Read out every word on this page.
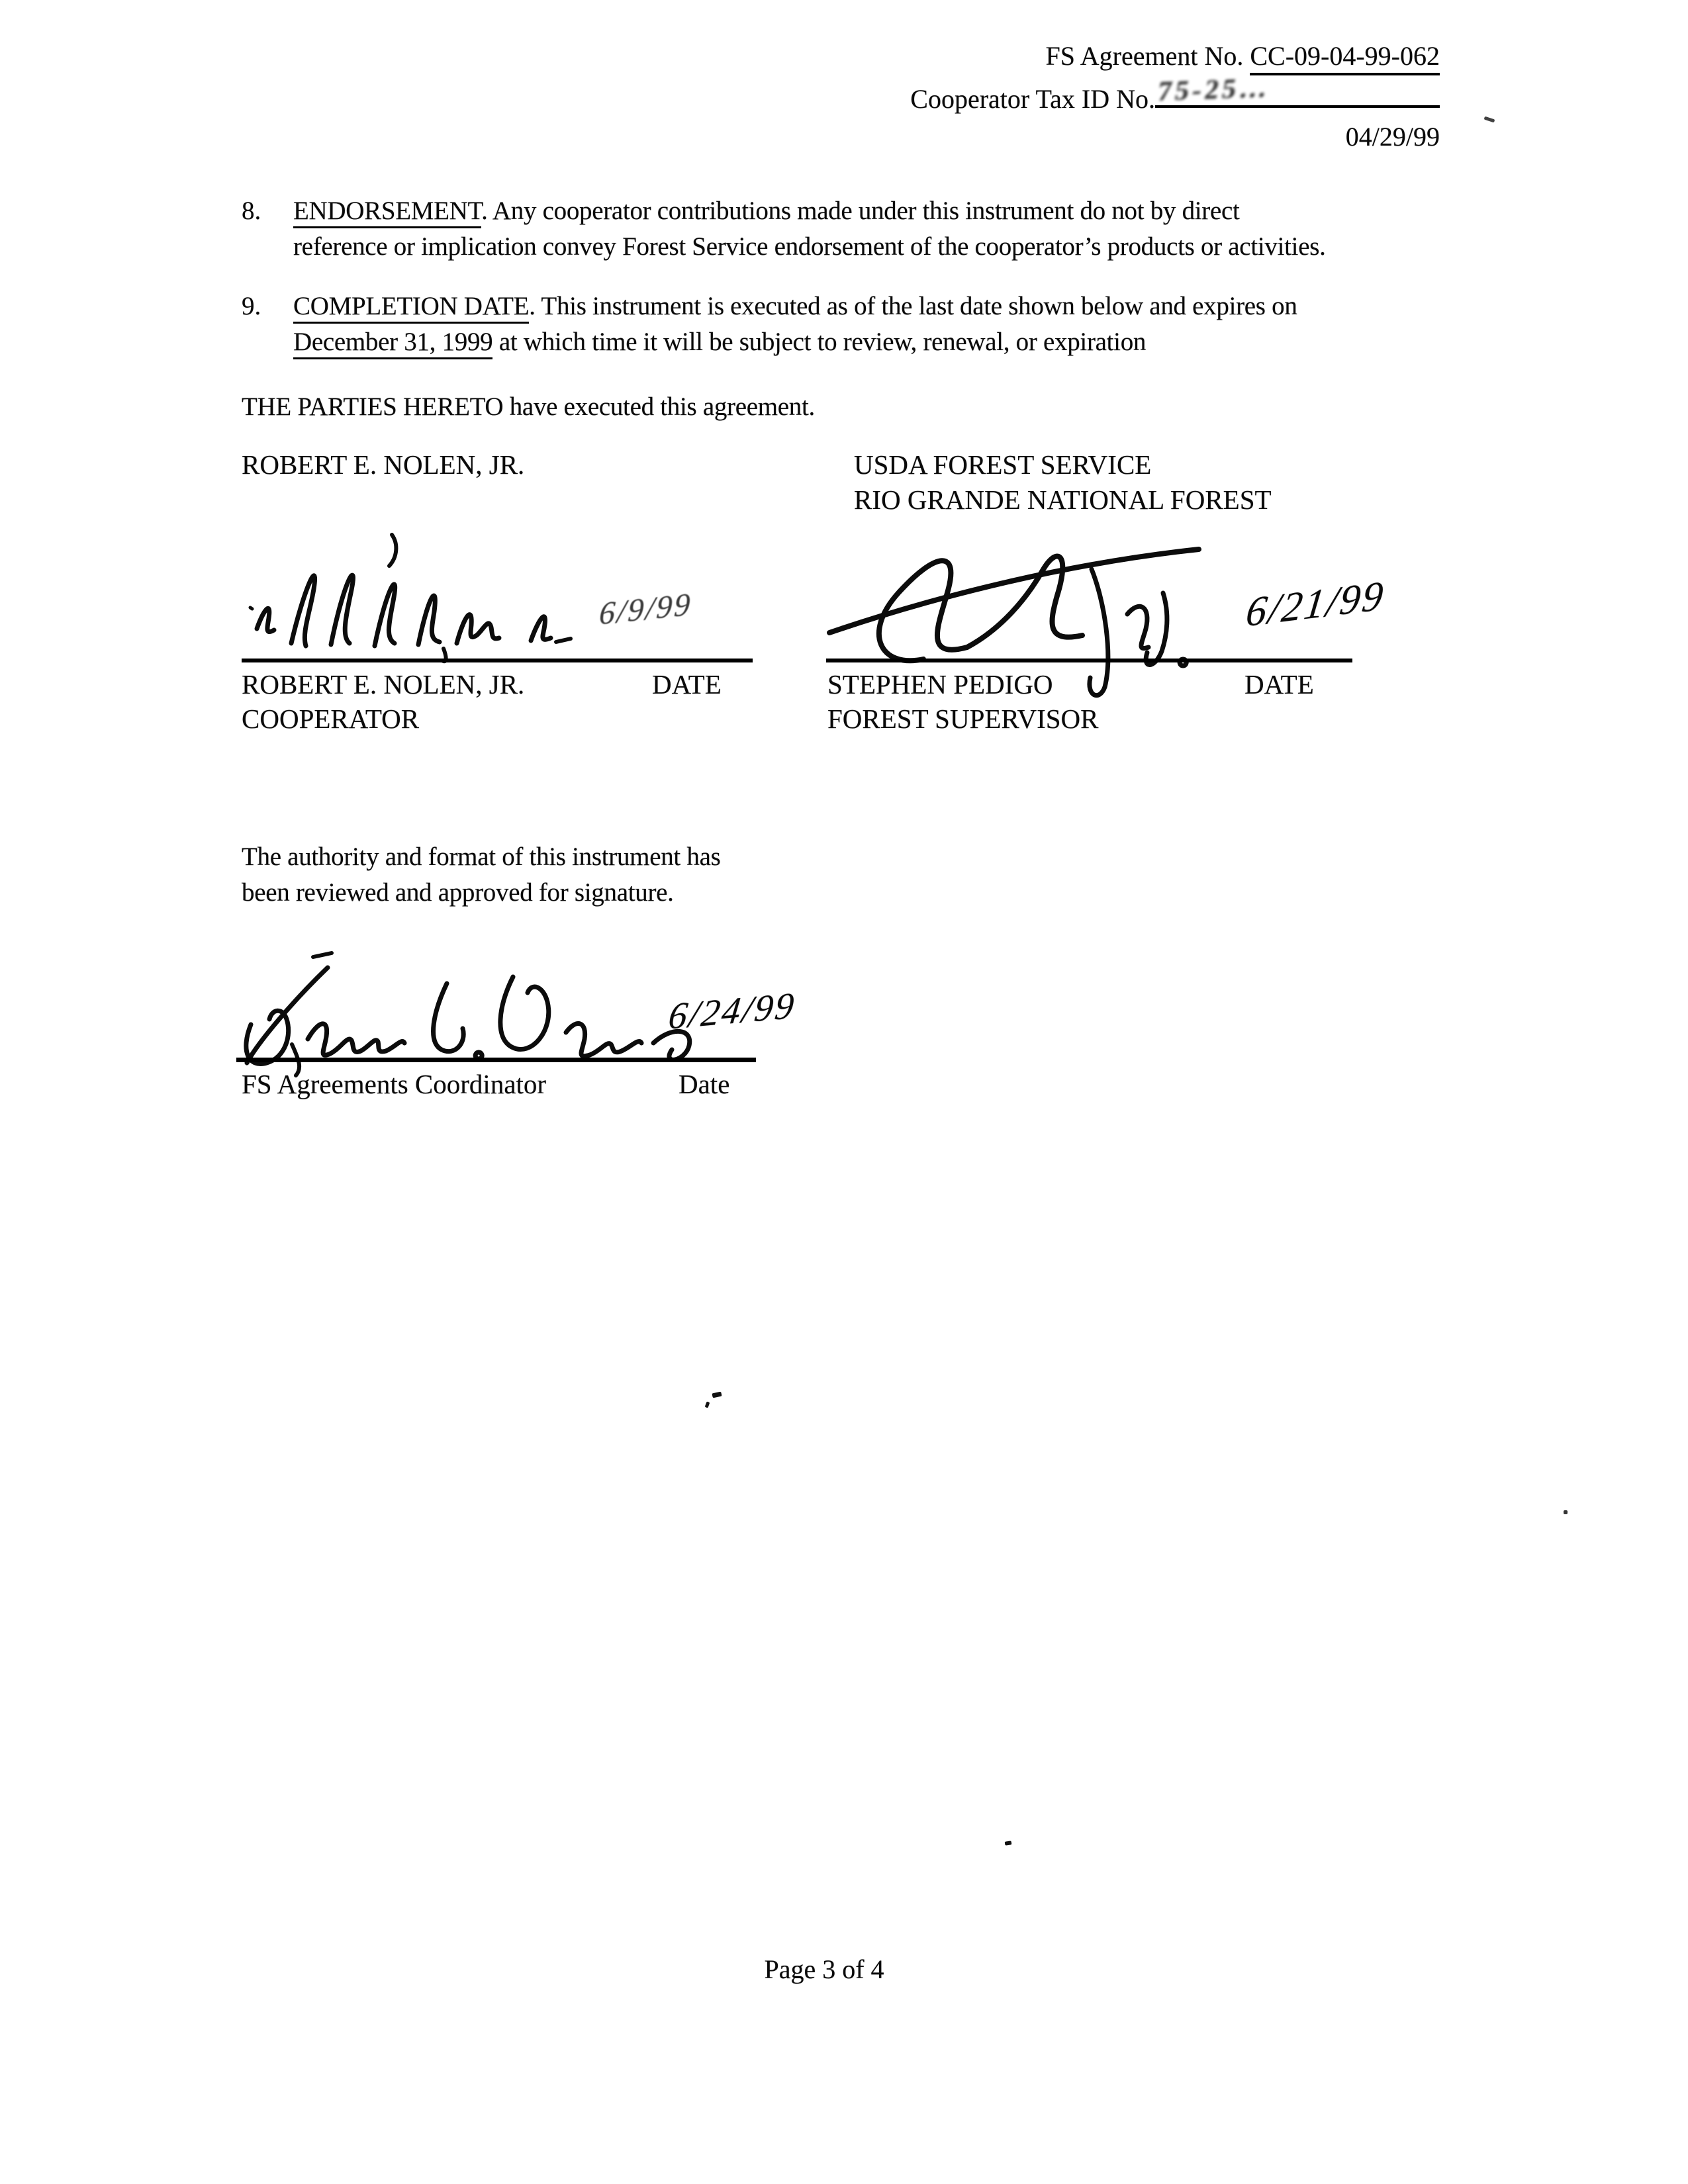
FS Agreement No. CC-09-04-99-062
Cooperator Tax ID No. 75-25…
04/29/99
8. ENDORSEMENT. Any cooperator contributions made under this instrument do not by direct
reference or implication convey Forest Service endorsement of the cooperator’s products or activities.
9. COMPLETION DATE. This instrument is executed as of the last date shown below and expires on
December 31, 1999 at which time it will be subject to review, renewal, or expiration
THE PARTIES HERETO have executed this agreement.
ROBERT E. NOLEN, JR.	USDA FOREST SERVICE
RIO GRANDE NATIONAL FOREST
6/9/99
ROBERT E. NOLEN, JR.	DATE
COOPERATOR
6/21/99
STEPHEN PEDIGO	DATE
FOREST SUPERVISOR
The authority and format of this instrument has
been reviewed and approved for signature.
6/24/99
FS Agreements Coordinator	Date
Page 3 of 4
